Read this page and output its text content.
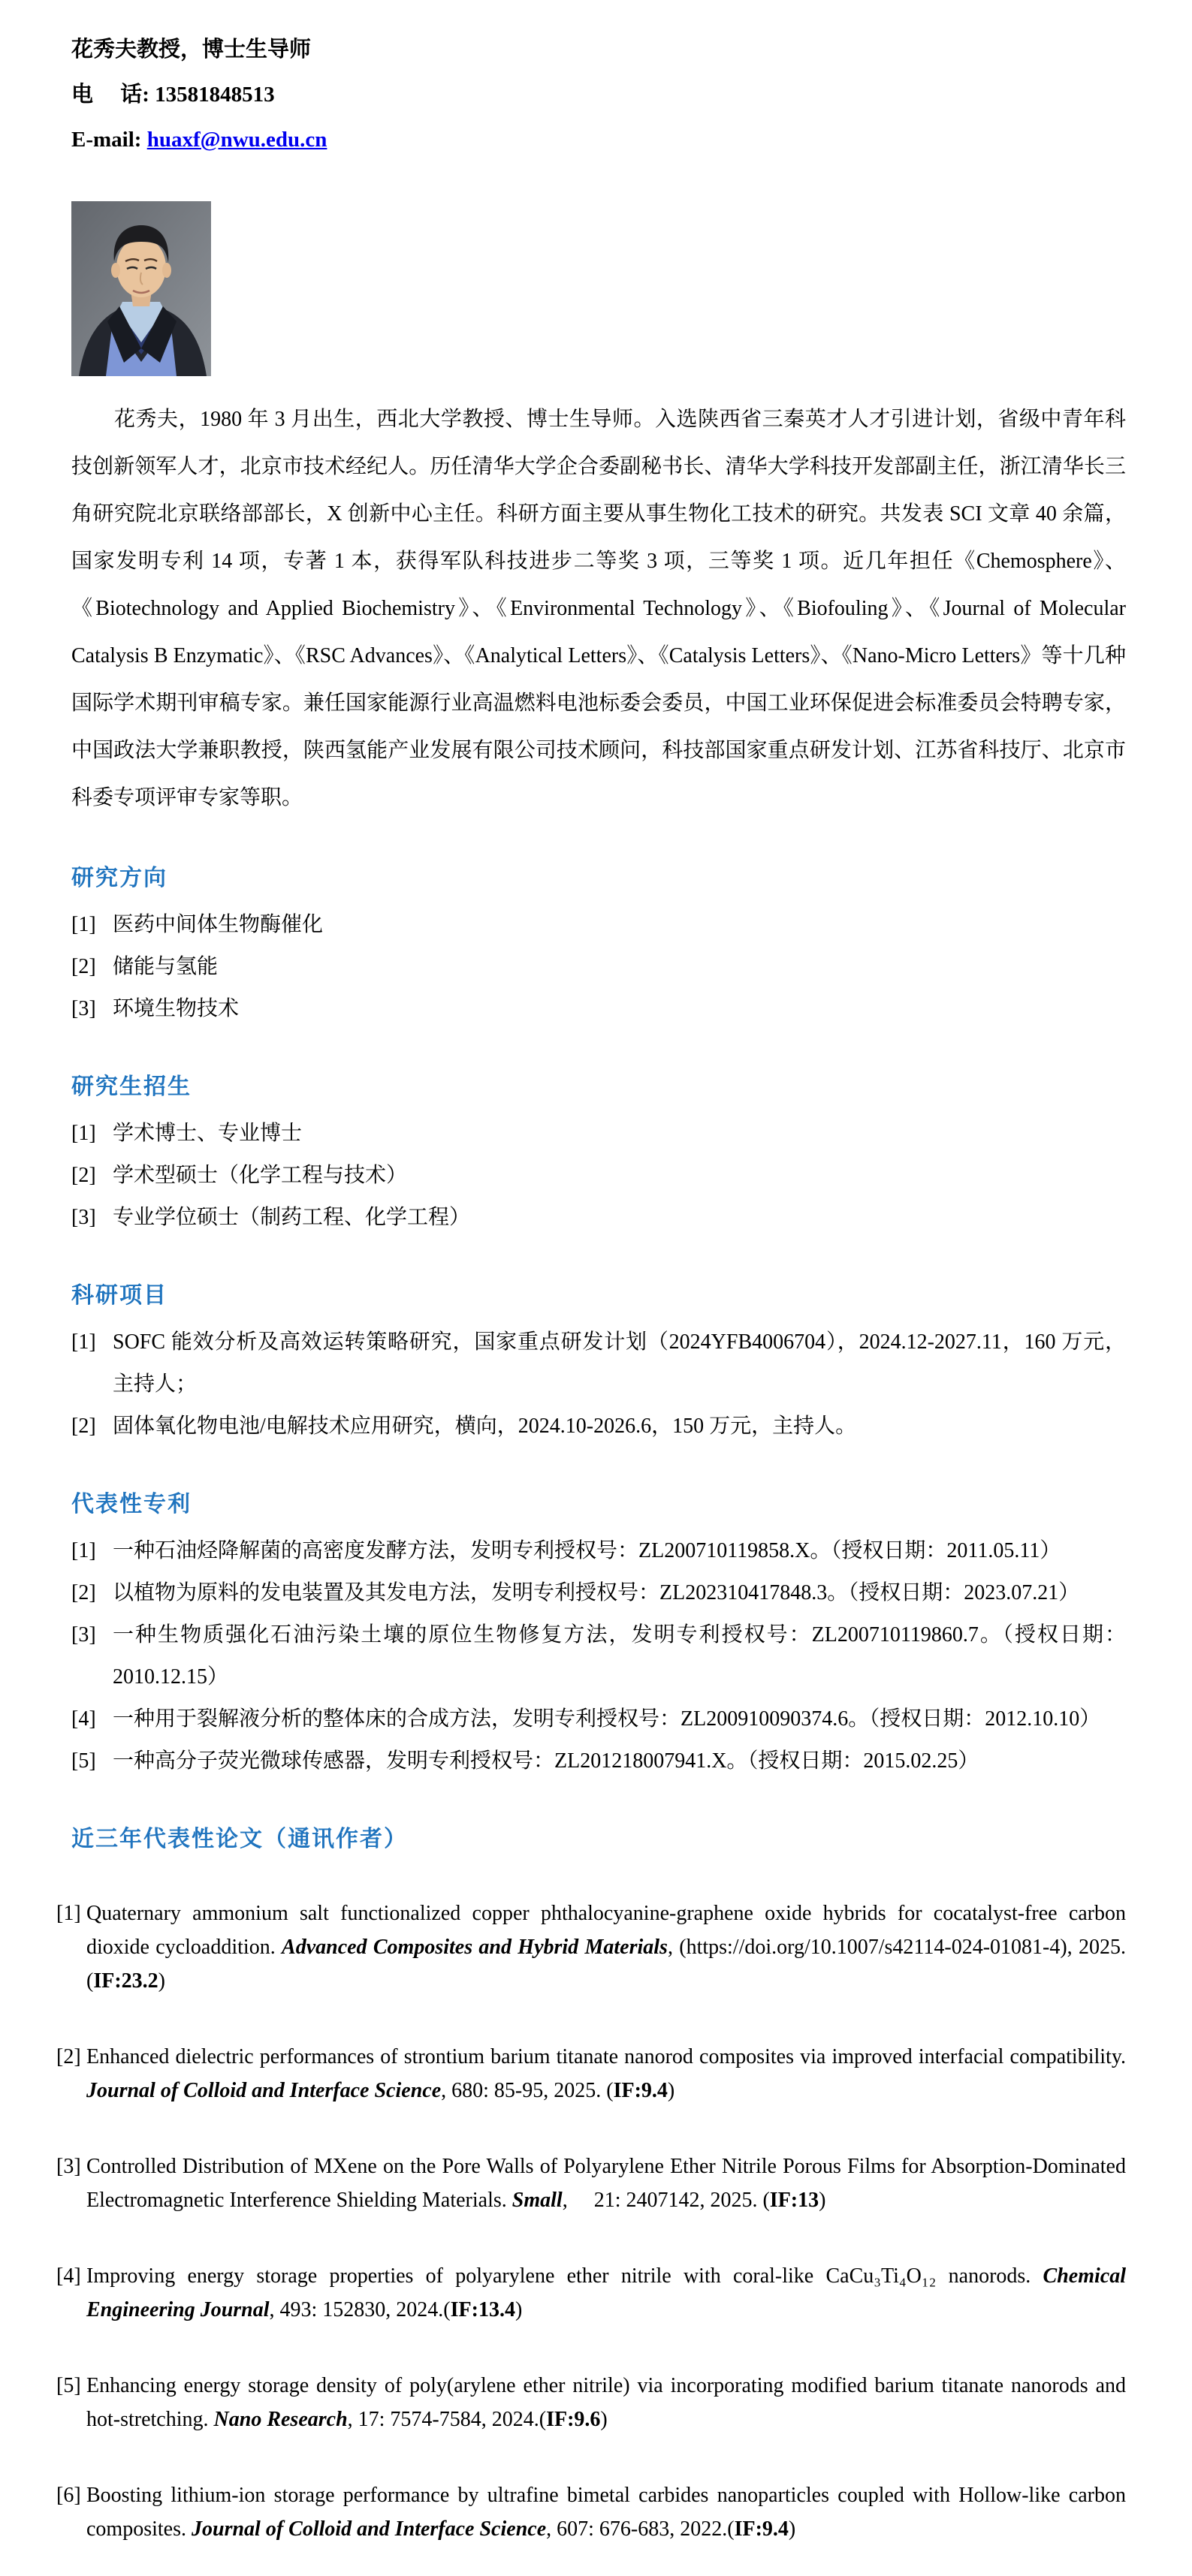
花秀夫教授，博士生导师
电　 话: 13581848513
E-mail: huaxf@nwu.edu.cn
花秀夫，1980 年 3 月出生，西北大学教授、博士生导师。入选陕西省三秦英才人才引进计划，省级中青年科技创新领军人才，北京市技术经纪人。历任清华大学企合委副秘书长、清华大学科技开发部副主任，浙江清华长三角研究院北京联络部部长，X 创新中心主任。科研方面主要从事生物化工技术的研究。共发表 SCI 文章 40 余篇，国家发明专利 14 项，专著 1 本，获得军队科技进步二等奖 3 项，三等奖 1 项。近几年担任《Chemosphere》、《Biotechnology and Applied Biochemistry》、《Environmental Technology》、《Biofouling》、《Journal of Molecular Catalysis B Enzymatic》、《RSC Advances》、《Analytical Letters》、《Catalysis Letters》、《Nano-Micro Letters》等十几种国际学术期刊审稿专家。兼任国家能源行业高温燃料电池标委会委员，中国工业环保促进会标准委员会特聘专家，中国政法大学兼职教授，陕西氢能产业发展有限公司技术顾问，科技部国家重点研发计划、江苏省科技厅、北京市科委专项评审专家等职。
研究方向
[1] 医药中间体生物酶催化
[2] 储能与氢能
[3] 环境生物技术
研究生招生
[1] 学术博士、专业博士
[2] 学术型硕士（化学工程与技术）
[3] 专业学位硕士（制药工程、化学工程）
科研项目
[1] SOFC 能效分析及高效运转策略研究，国家重点研发计划（2024YFB4006704），2024.12-2027.11，160 万元，主持人；
[2] 固体氧化物电池/电解技术应用研究，横向，2024.10-2026.6，150 万元，主持人。
代表性专利
[1] 一种石油烃降解菌的高密度发酵方法，发明专利授权号：ZL200710119858.X。（授权日期：2011.05.11）
[2] 以植物为原料的发电装置及其发电方法，发明专利授权号：ZL202310417848.3。（授权日期：2023.07.21）
[3] 一种生物质强化石油污染土壤的原位生物修复方法，发明专利授权号：ZL200710119860.7。（授权日期：2010.12.15）
[4] 一种用于裂解液分析的整体床的合成方法，发明专利授权号：ZL200910090374.6。（授权日期：2012.10.10）
[5] 一种高分子荧光微球传感器，发明专利授权号：ZL201218007941.X。（授权日期：2015.02.25）
近三年代表性论文（通讯作者）
[1] Quaternary ammonium salt functionalized copper phthalocyanine-graphene oxide hybrids for cocatalyst-free carbon dioxide cycloaddition. Advanced Composites and Hybrid Materials, (https://doi.org/10.1007/s42114-024-01081-4), 2025. (IF:23.2)
[2] Enhanced dielectric performances of strontium barium titanate nanorod composites via improved interfacial compatibility. Journal of Colloid and Interface Science, 680: 85-95, 2025. (IF:9.4)
[3] Controlled Distribution of MXene on the Pore Walls of Polyarylene Ether Nitrile Porous Films for Absorption-Dominated Electromagnetic Interference Shielding Materials. Small,　 21: 2407142, 2025. (IF:13)
[4] Improving energy storage properties of polyarylene ether nitrile with coral-like CaCu₃Ti₄O₁₂ nanorods. Chemical Engineering Journal, 493: 152830, 2024.(IF:13.4)
[5] Enhancing energy storage density of poly(arylene ether nitrile) via incorporating modified barium titanate nanorods and hot-stretching. Nano Research, 17: 7574-7584, 2024.(IF:9.6)
[6] Boosting lithium-ion storage performance by ultrafine bimetal carbides nanoparticles coupled with Hollow-like carbon composites. Journal of Colloid and Interface Science, 607: 676-683, 2022.(IF:9.4)
